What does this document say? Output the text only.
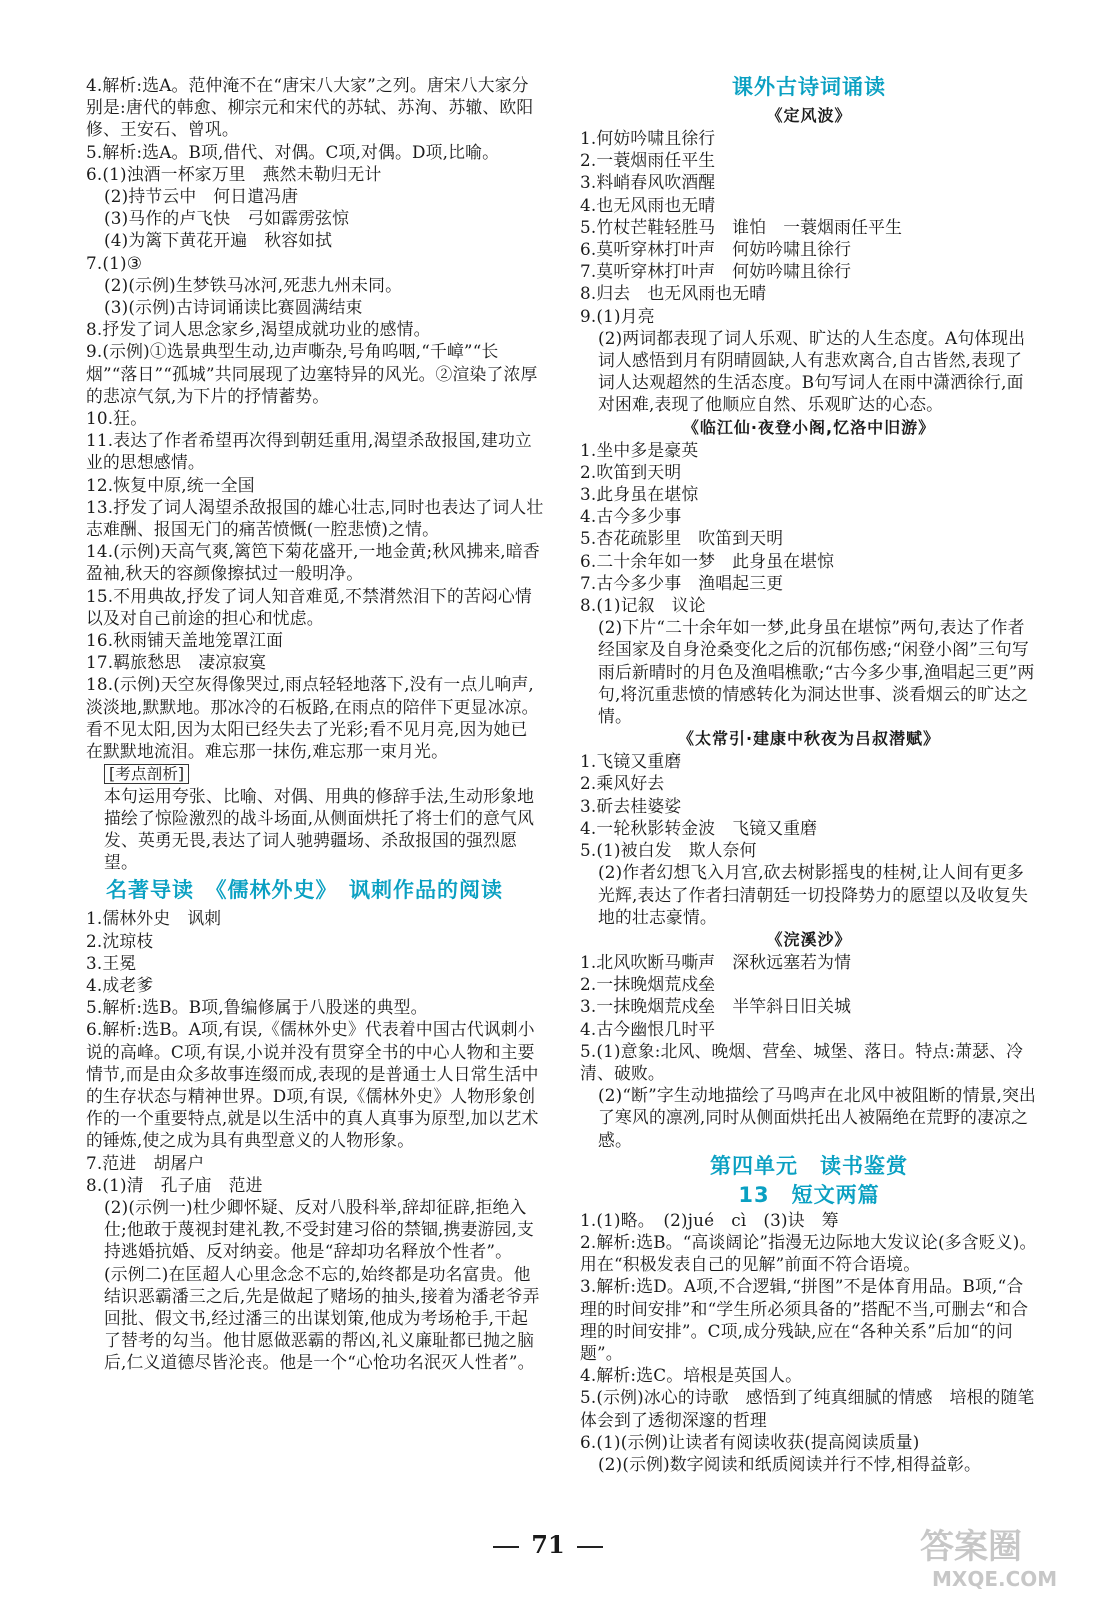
4.解析:选A。范仲淹不在“唐宋八大家”之列。唐宋八大家分别是:唐代的韩愈、柳宗元和宋代的苏轼、苏洵、苏辙、欧阳修、王安石、曾巩。

5.解析:选A。B项,借代、对偶。C项,对偶。D项,比喻。

6.(1)浊酒一杯家万里　燕然未勒归无计

(2)持节云中　何日遣冯唐

(3)马作的卢飞快　弓如霹雳弦惊

(4)为篱下黄花开遍　秋容如拭

7.(1)③

(2)(示例)生梦铁马冰河,死悲九州未同。

(3)(示例)古诗词诵读比赛圆满结束

8.抒发了词人思念家乡,渴望成就功业的感情。

9.(示例)①选景典型生动,边声嘶杂,号角呜咽,“千嶂”“长烟”“落日”“孤城”共同展现了边塞特异的风光。②渲染了浓厚的悲凉气氛,为下片的抒情蓄势。

10.狂。

11.表达了作者希望再次得到朝廷重用,渴望杀敌报国,建功立业的思想感情。

12.恢复中原,统一全国

13.抒发了词人渴望杀敌报国的雄心壮志,同时也表达了词人壮志难酬、报国无门的痛苦愤慨(一腔悲愤)之情。

14.(示例)天高气爽,篱笆下菊花盛开,一地金黄;秋风拂来,暗香盈袖,秋天的容颜像擦拭过一般明净。

15.不用典故,抒发了词人知音难觅,不禁潸然泪下的苦闷心情以及对自己前途的担心和忧虑。

16.秋雨铺天盖地笼罩江面

17.羁旅愁思　凄凉寂寞

18.(示例)天空灰得像哭过,雨点轻轻地落下,没有一点儿响声,淡淡地,默默地。那冰冷的石板路,在雨点的陪伴下更显冰凉。看不见太阳,因为太阳已经失去了光彩;看不见月亮,因为她已在默默地流泪。难忘那一抹伤,难忘那一束月光。

[考点剖析]

本句运用夸张、比喻、对偶、用典的修辞手法,生动形象地描绘了惊险激烈的战斗场面,从侧面烘托了将士们的意气风发、英勇无畏,表达了词人驰骋疆场、杀敌报国的强烈愿望。

名著导读　《儒林外史》　讽刺作品的阅读

1.儒林外史　讽刺

2.沈琼枝

3.王冕

4.成老爹

5.解析:选B。B项,鲁编修属于八股迷的典型。

6.解析:选B。A项,有误,《儒林外史》代表着中国古代讽刺小说的高峰。C项,有误,小说并没有贯穿全书的中心人物和主要情节,而是由众多故事连缀而成,表现的是普通士人日常生活中的生存状态与精神世界。D项,有误,《儒林外史》人物形象创作的一个重要特点,就是以生活中的真人真事为原型,加以艺术的锤炼,使之成为具有典型意义的人物形象。

7.范进　胡屠户

8.(1)清　孔子庙　范进

(2)(示例一)杜少卿怀疑、反对八股科举,辞却征辟,拒绝入仕;他敢于蔑视封建礼教,不受封建习俗的禁锢,携妻游园,支持逃婚抗婚、反对纳妾。他是“辞却功名释放个性者”。

(示例二)在匡超人心里念念不忘的,始终都是功名富贵。他结识恶霸潘三之后,先是做起了赌场的抽头,接着为潘老爷弄回批、假文书,经过潘三的出谋划策,他成为考场枪手,干起了替考的勾当。他甘愿做恶霸的帮凶,礼义廉耻都已抛之脑后,仁义道德尽皆沦丧。他是一个“心怆功名泯灭人性者”。

课外古诗词诵读

《定风波》

1.何妨吟啸且徐行

2.一蓑烟雨任平生

3.料峭春风吹酒醒

4.也无风雨也无晴

5.竹杖芒鞋轻胜马　谁怕　一蓑烟雨任平生

6.莫听穿林打叶声　何妨吟啸且徐行

7.莫听穿林打叶声　何妨吟啸且徐行

8.归去　也无风雨也无晴

9.(1)月亮

(2)两词都表现了词人乐观、旷达的人生态度。A句体现出词人感悟到月有阴晴圆缺,人有悲欢离合,自古皆然,表现了词人达观超然的生活态度。B句写词人在雨中潇洒徐行,面对困难,表现了他顺应自然、乐观旷达的心态。

《临江仙·夜登小阁,忆洛中旧游》

1.坐中多是豪英

2.吹笛到天明

3.此身虽在堪惊

4.古今多少事

5.杏花疏影里　吹笛到天明

6.二十余年如一梦　此身虽在堪惊

7.古今多少事　渔唱起三更

8.(1)记叙　议论

(2)下片“二十余年如一梦,此身虽在堪惊”两句,表达了作者经国家及自身沧桑变化之后的沉郁伤感;“闲登小阁”三句写雨后新晴时的月色及渔唱樵歌;“古今多少事,渔唱起三更”两句,将沉重悲愤的情感转化为洞达世事、淡看烟云的旷达之情。

《太常引·建康中秋夜为吕叔潜赋》

1.飞镜又重磨

2.乘风好去

3.斫去桂婆娑

4.一轮秋影转金波　飞镜又重磨

5.(1)被白发　欺人奈何

(2)作者幻想飞入月宫,砍去树影摇曳的桂树,让人间有更多光辉,表达了作者扫清朝廷一切投降势力的愿望以及收复失地的壮志豪情。

《浣溪沙》

1.北风吹断马嘶声　深秋远塞若为情

2.一抹晚烟荒戍垒

3.一抹晚烟荒戍垒　半竿斜日旧关城

4.古今幽恨几时平

5.(1)意象:北风、晚烟、营垒、城堡、落日。特点:萧瑟、冷清、破败。

(2)“断”字生动地描绘了马鸣声在北风中被阻断的情景,突出了寒风的凛冽,同时从侧面烘托出人被隔绝在荒野的凄凉之感。

第四单元　读书鉴赏

13　短文两篇

1.(1)略。　(2)jué　cì　(3)诀　筹

2.解析:选B。“高谈阔论”指漫无边际地大发议论(多含贬义)。用在“积极发表自己的见解”前面不符合语境。

3.解析:选D。A项,不合逻辑,“拼图”不是体育用品。B项,“合理的时间安排”和“学生所必须具备的”搭配不当,可删去“和合理的时间安排”。C项,成分残缺,应在“各种关系”后加“的问题”。

4.解析:选C。培根是英国人。

5.(示例)冰心的诗歌　感悟到了纯真细腻的情感　培根的随笔　体会到了透彻深邃的哲理

6.(1)(示例)让读者有阅读收获(提高阅读质量)

(2)(示例)数字阅读和纸质阅读并行不悖,相得益彰。

71	答案圈
MXQE.COM
